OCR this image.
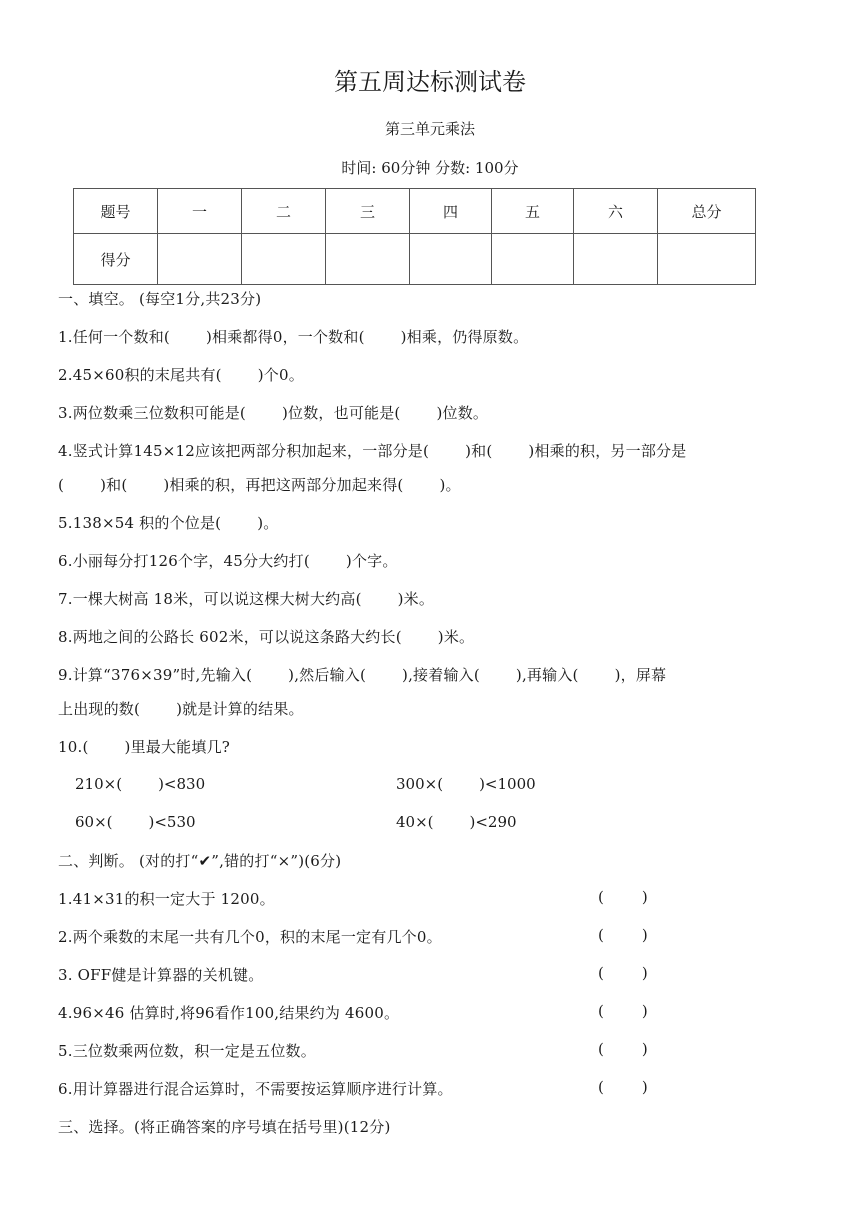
第五周达标测试卷
第三单元乘法
时间: 60分钟 分数: 100分
题号	一	二	三	四	五	六	总分
得分							
一、填空。 (每空1分,共23分)
1.任何一个数和( )相乘都得0，一个数和( )相乘，仍得原数。
2.45×60积的末尾共有( )个0。
3.两位数乘三位数积可能是( )位数，也可能是( )位数。
4.竖式计算145×12应该把两部分积加起来，一部分是( )和( )相乘的积，另一部分是
( )和( )相乘的积，再把这两部分加起来得( )。
5.138×54 积的个位是( )。
6.小丽每分打126个字，45分大约打( )个字。
7.一棵大树高 18米，可以说这棵大树大约高( )米。
8.两地之间的公路长 602米，可以说这条路大约长( )米。
9.计算“376×39”时,先输入( ),然后输入( ),接着输入( ),再输入( )，屏幕
上出现的数( )就是计算的结果。
10.( )里最大能填几?
210×( )<830	300×( )<1000
60×( )<530	40×( )<290
二、判断。 (对的打“✔”,错的打“×”)(6分)
1.41×31的积一定大于 1200。	(	)
2.两个乘数的末尾一共有几个0，积的末尾一定有几个0。	(	)
3. OFF健是计算器的关机键。	(	)
4.96×46 估算时,将96看作100,结果约为 4600。	(	)
5.三位数乘两位数，积一定是五位数。	(	)
6.用计算器进行混合运算时，不需要按运算顺序进行计算。	(	)
三、选择。(将正确答案的序号填在括号里)(12分)
